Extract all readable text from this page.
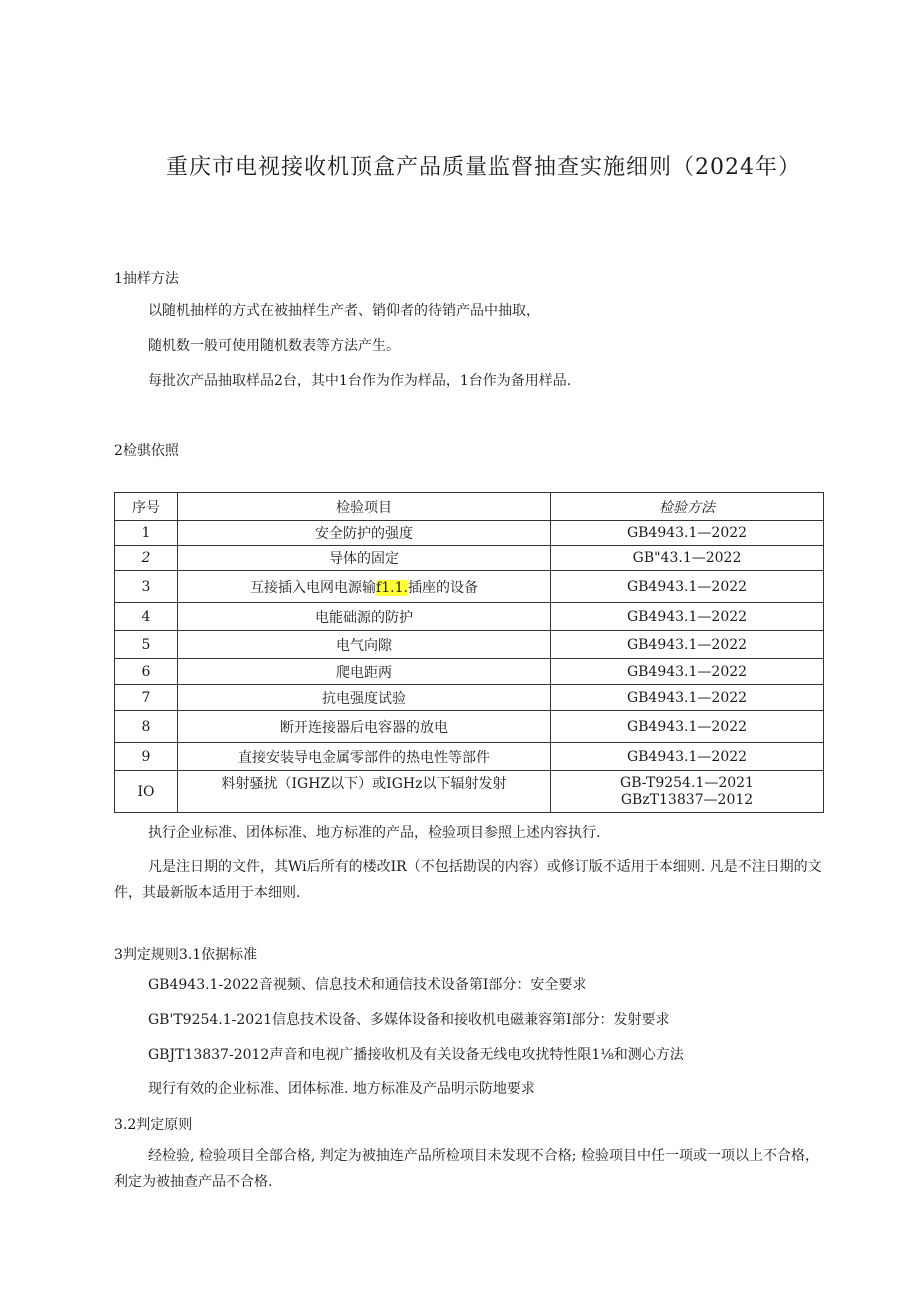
重庆市电视接收机顶盒产品质量监督抽查实施细则（2024年）

1抽样方法

以随机抽样的方式在被抽样生产者、销仰者的待销产品中抽取，

随机数一般可使用随机数表等方法产生。

每批次产品抽取样品2台，其中1台作为作为样品，1台作为备用样品.

2检骐依照

序号	检验项目	检验方法
1	安全防护的强度	GB4943.1—2022
2	导体的固定	GB"43.1—2022
3	互接插入电网电源输f1.1.插座的设备	GB4943.1—2022
4	电能础源的防护	GB4943.1—2022
5	电气向隙	GB4943.1—2022
6	爬电距两	GB4943.1—2022
7	抗电强度试验	GB4943.1—2022
8	断开连接器后电容器的放电	GB4943.1—2022
9	直接安装导电金属零部件的热电性等部件	GB4943.1—2022
IO	料射骚扰（IGHZ以下）或IGHz以下辐射发射	GB-T9254.1—2021
GBzT13837—2012

执行企业标准、团体标准、地方标准的产品，检验项目参照上述内容执行.

凡是注日期的文件，其Wi后所有的楼改IR（不包括勘误的内容）或修订版不适用于本细则. 凡是不注日期的文件，其最新版本适用于本细则.

3判定规则3.1依据标准

GB4943.1-2022音视频、信息技术和通信技术设备第I部分：安全要求

GB'T9254.1-2021信息技术设备、多媒体设备和接收机电磁兼容第I部分：发射要求

GBJT13837-2012声音和电视广播接收机及有关设备无线电攻扰特性限1⅛和测心方法

现行有效的企业标准、团体标准. 地方标准及产品明示防地要求

3.2判定原则

经检验, 检验项目全部合格, 判定为被抽连产品所检项目未发现不合格; 检验项目中任一项或一项以上不合格，利定为被抽查产品不合格.
